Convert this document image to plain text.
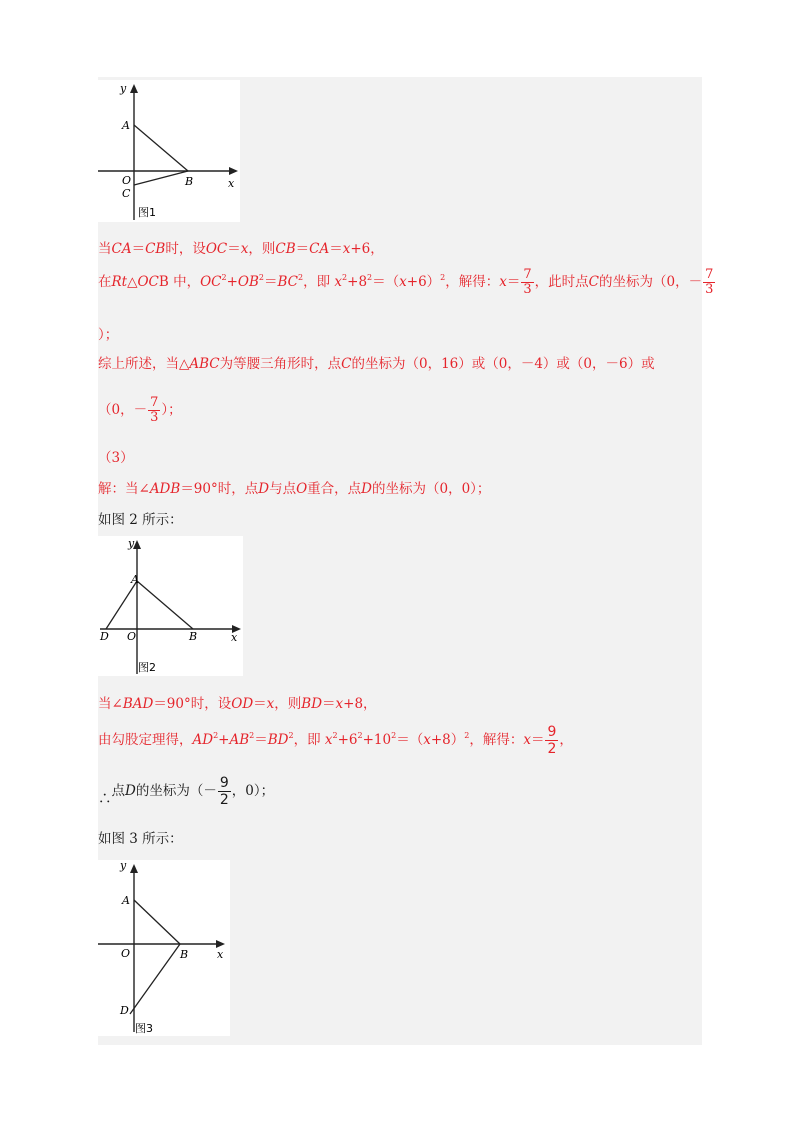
y
x
A
O
C
B
图1
当CA＝CB时，设OC＝x，则CB＝CA＝x+6，
在Rt△OCB 中，$OC^2+OB^2=BC^2$，即 $x^2+8^2=(x+6)^2$，解得：$x= \frac{7}{3}$ ，此时点C的坐标为（0，－ $\frac{7}{3}$
）；
综上所述，当△ABC为等腰三角形时，点C的坐标为（0，16）或（0，－4）或（0，－6）或
（0，－ $\frac{7}{3}$ ）；
（3）
解：当∠ADB＝90°时，点D与点O重合，点D的坐标为（0，0）；
如图 2 所示：
y
x
A
O
D	B
图2
当∠BAD＝90°时，设OD＝x，则BD＝x+8，
由勾股定理得，$AD^2+AB^2=BD^2$，即 $x^2+6^2+10^2=(x+8)^2$，解得：$x= \frac{9}{2}$ ，
∴点D的坐标为（－ $\frac{9}{2}$ ，0）；
如图 3 所示：
y
x
A
O	B
D
图3
